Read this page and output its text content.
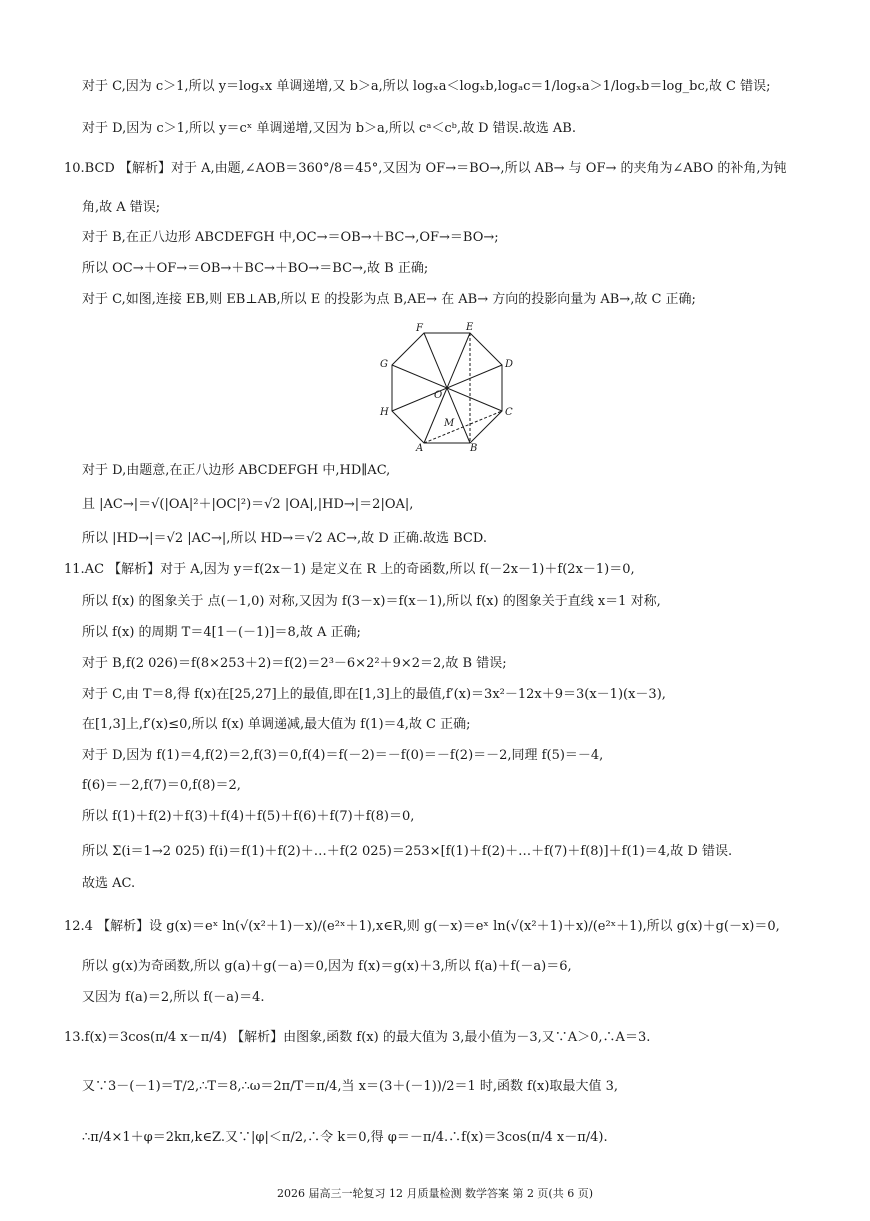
对于 C,因为 c＞1,所以 y＝logₓx 单调递增,又 b＞a,所以 logₓa＜logₓb,logₐc＝1/logₓa＞1/logₓb＝log_bc,故 C 错误;
对于 D,因为 c＞1,所以 y＝cˣ 单调递增,又因为 b＞a,所以 cᵃ＜cᵇ,故 D 错误.故选 AB.
10.BCD 【解析】对于 A,由题,∠AOB＝360°/8＝45°,又因为 OF→＝BO→,所以 AB→ 与 OF→ 的夹角为∠ABO 的补角,为钝
角,故 A 错误;
对于 B,在正八边形 ABCDEFGH 中,OC→＝OB→＋BC→,OF→＝BO→;
所以 OC→＋OF→＝OB→＋BC→＋BO→＝BC→,故 B 正确;
对于 C,如图,连接 EB,则 EB⊥AB,所以 E 的投影为点 B,AE→ 在 AB→ 方向的投影向量为 AB→,故 C 正确;
F	E
D
C
B
A
H
G
O
M
对于 D,由题意,在正八边形 ABCDEFGH 中,HD∥AC,
且 |AC→|＝√(|OA|²＋|OC|²)＝√2 |OA|,|HD→|＝2|OA|,
所以 |HD→|＝√2 |AC→|,所以 HD→＝√2 AC→,故 D 正确.故选 BCD.
11.AC 【解析】对于 A,因为 y＝f(2x－1) 是定义在 R 上的奇函数,所以 f(－2x－1)＋f(2x－1)＝0,
所以 f(x) 的图象关于 点(－1,0) 对称,又因为 f(3－x)＝f(x－1),所以 f(x) 的图象关于直线 x＝1 对称,
所以 f(x) 的周期 T＝4[1－(－1)]＝8,故 A 正确;
对于 B,f(2 026)＝f(8×253＋2)＝f(2)＝2³－6×2²＋9×2＝2,故 B 错误;
对于 C,由 T＝8,得 f(x)在[25,27]上的最值,即在[1,3]上的最值,f′(x)＝3x²－12x＋9＝3(x－1)(x－3),
在[1,3]上,f′(x)≤0,所以 f(x) 单调递减,最大值为 f(1)＝4,故 C 正确;
对于 D,因为 f(1)＝4,f(2)＝2,f(3)＝0,f(4)＝f(－2)＝－f(0)＝－f(2)＝－2,同理 f(5)＝－4,
f(6)＝－2,f(7)＝0,f(8)＝2,
所以 f(1)＋f(2)＋f(3)＋f(4)＋f(5)＋f(6)＋f(7)＋f(8)＝0,
所以 Σ(i＝1→2 025) f(i)＝f(1)＋f(2)＋…＋f(2 025)＝253×[f(1)＋f(2)＋…＋f(7)＋f(8)]＋f(1)＝4,故 D 错误.
故选 AC.
12.4 【解析】设 g(x)＝eˣ ln(√(x²＋1)－x)/(e²ˣ＋1),x∈R,则 g(－x)＝eˣ ln(√(x²＋1)＋x)/(e²ˣ＋1),所以 g(x)＋g(－x)＝0,
所以 g(x)为奇函数,所以 g(a)＋g(－a)＝0,因为 f(x)＝g(x)＋3,所以 f(a)＋f(－a)＝6,
又因为 f(a)＝2,所以 f(－a)＝4.
13.f(x)＝3cos(π/4 x－π/4) 【解析】由图象,函数 f(x) 的最大值为 3,最小值为－3,又∵A＞0,∴A＝3.
又∵3－(－1)＝T/2,∴T＝8,∴ω＝2π/T＝π/4,当 x＝(3＋(－1))/2＝1 时,函数 f(x)取最大值 3,
∴π/4×1＋φ＝2kπ,k∈Z.又∵|φ|＜π/2,∴令 k＝0,得 φ＝－π/4.∴f(x)＝3cos(π/4 x－π/4).
2026 届高三一轮复习 12 月质量检测 数学答案 第 2 页(共 6 页)
